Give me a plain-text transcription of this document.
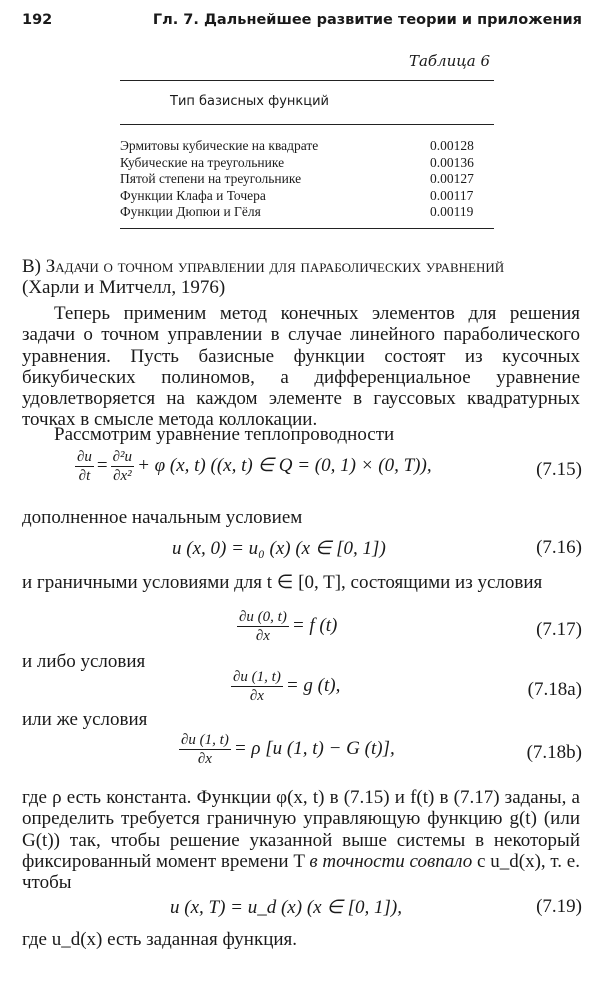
192	Гл. 7. Дальнейшее развитие теории и приложения
Таблица 6
Тип базисных функций
Эрмитовы кубические на квадрате	0.00128
Кубические на треугольнике	0.00136
Пятой степени на треугольнике	0.00127
Функции Клафа и Точера	0.00117
Функции Дюпюи и Гёля	0.00119
B) Задачи о точном управлении для параболических уравнений
(Харли и Митчелл, 1976)
Теперь применим метод конечных элементов для решения задачи о точном управлении в случае линейного параболического уравнения. Пусть базисные функции состоят из кусочных бикубических полиномов, а дифференциальное уравнение удовлетворяется на каждом элементе в гауссовых квадратурных точках в смысле метода коллокации.
Рассмотрим уравнение теплопроводности
$\frac{\partial u}{\partial t} = \frac{\text{∂²u}}{\text{∂x²}} + \varphi$ (x, t) ((x, t) ∈ Q = (0, 1) × (0, T)),	(7.15)
дополненное начальным условием
u (x, 0) = u₀ (x) (x ∈ [0, 1])	(7.16)
и граничными условиями для t ∈ [0, T], состоящими из условия
$\frac{\partial u (0, t)}{\partial x} = f$ (t)	(7.17)
и либо условия
$\frac{\partial u (1, t)}{\partial x} = g$ (t),	(7.18a)
или же условия
$\frac{\partial u (1, t)}{\partial x} = \rho$ [u (1, t) − G (t)],	(7.18b)
где ρ есть константа. Функции φ(x, t) в (7.15) и f(t) в (7.17) заданы, а определить требуется граничную управляющую функцию g(t) (или G(t)) так, чтобы решение указанной выше системы в некоторый фиксированный момент времени T в точности совпало с u_d(x), т. е. чтобы
u (x, T) = u_d (x) (x ∈ [0, 1]),	(7.19)
где u_d(x) есть заданная функция.
